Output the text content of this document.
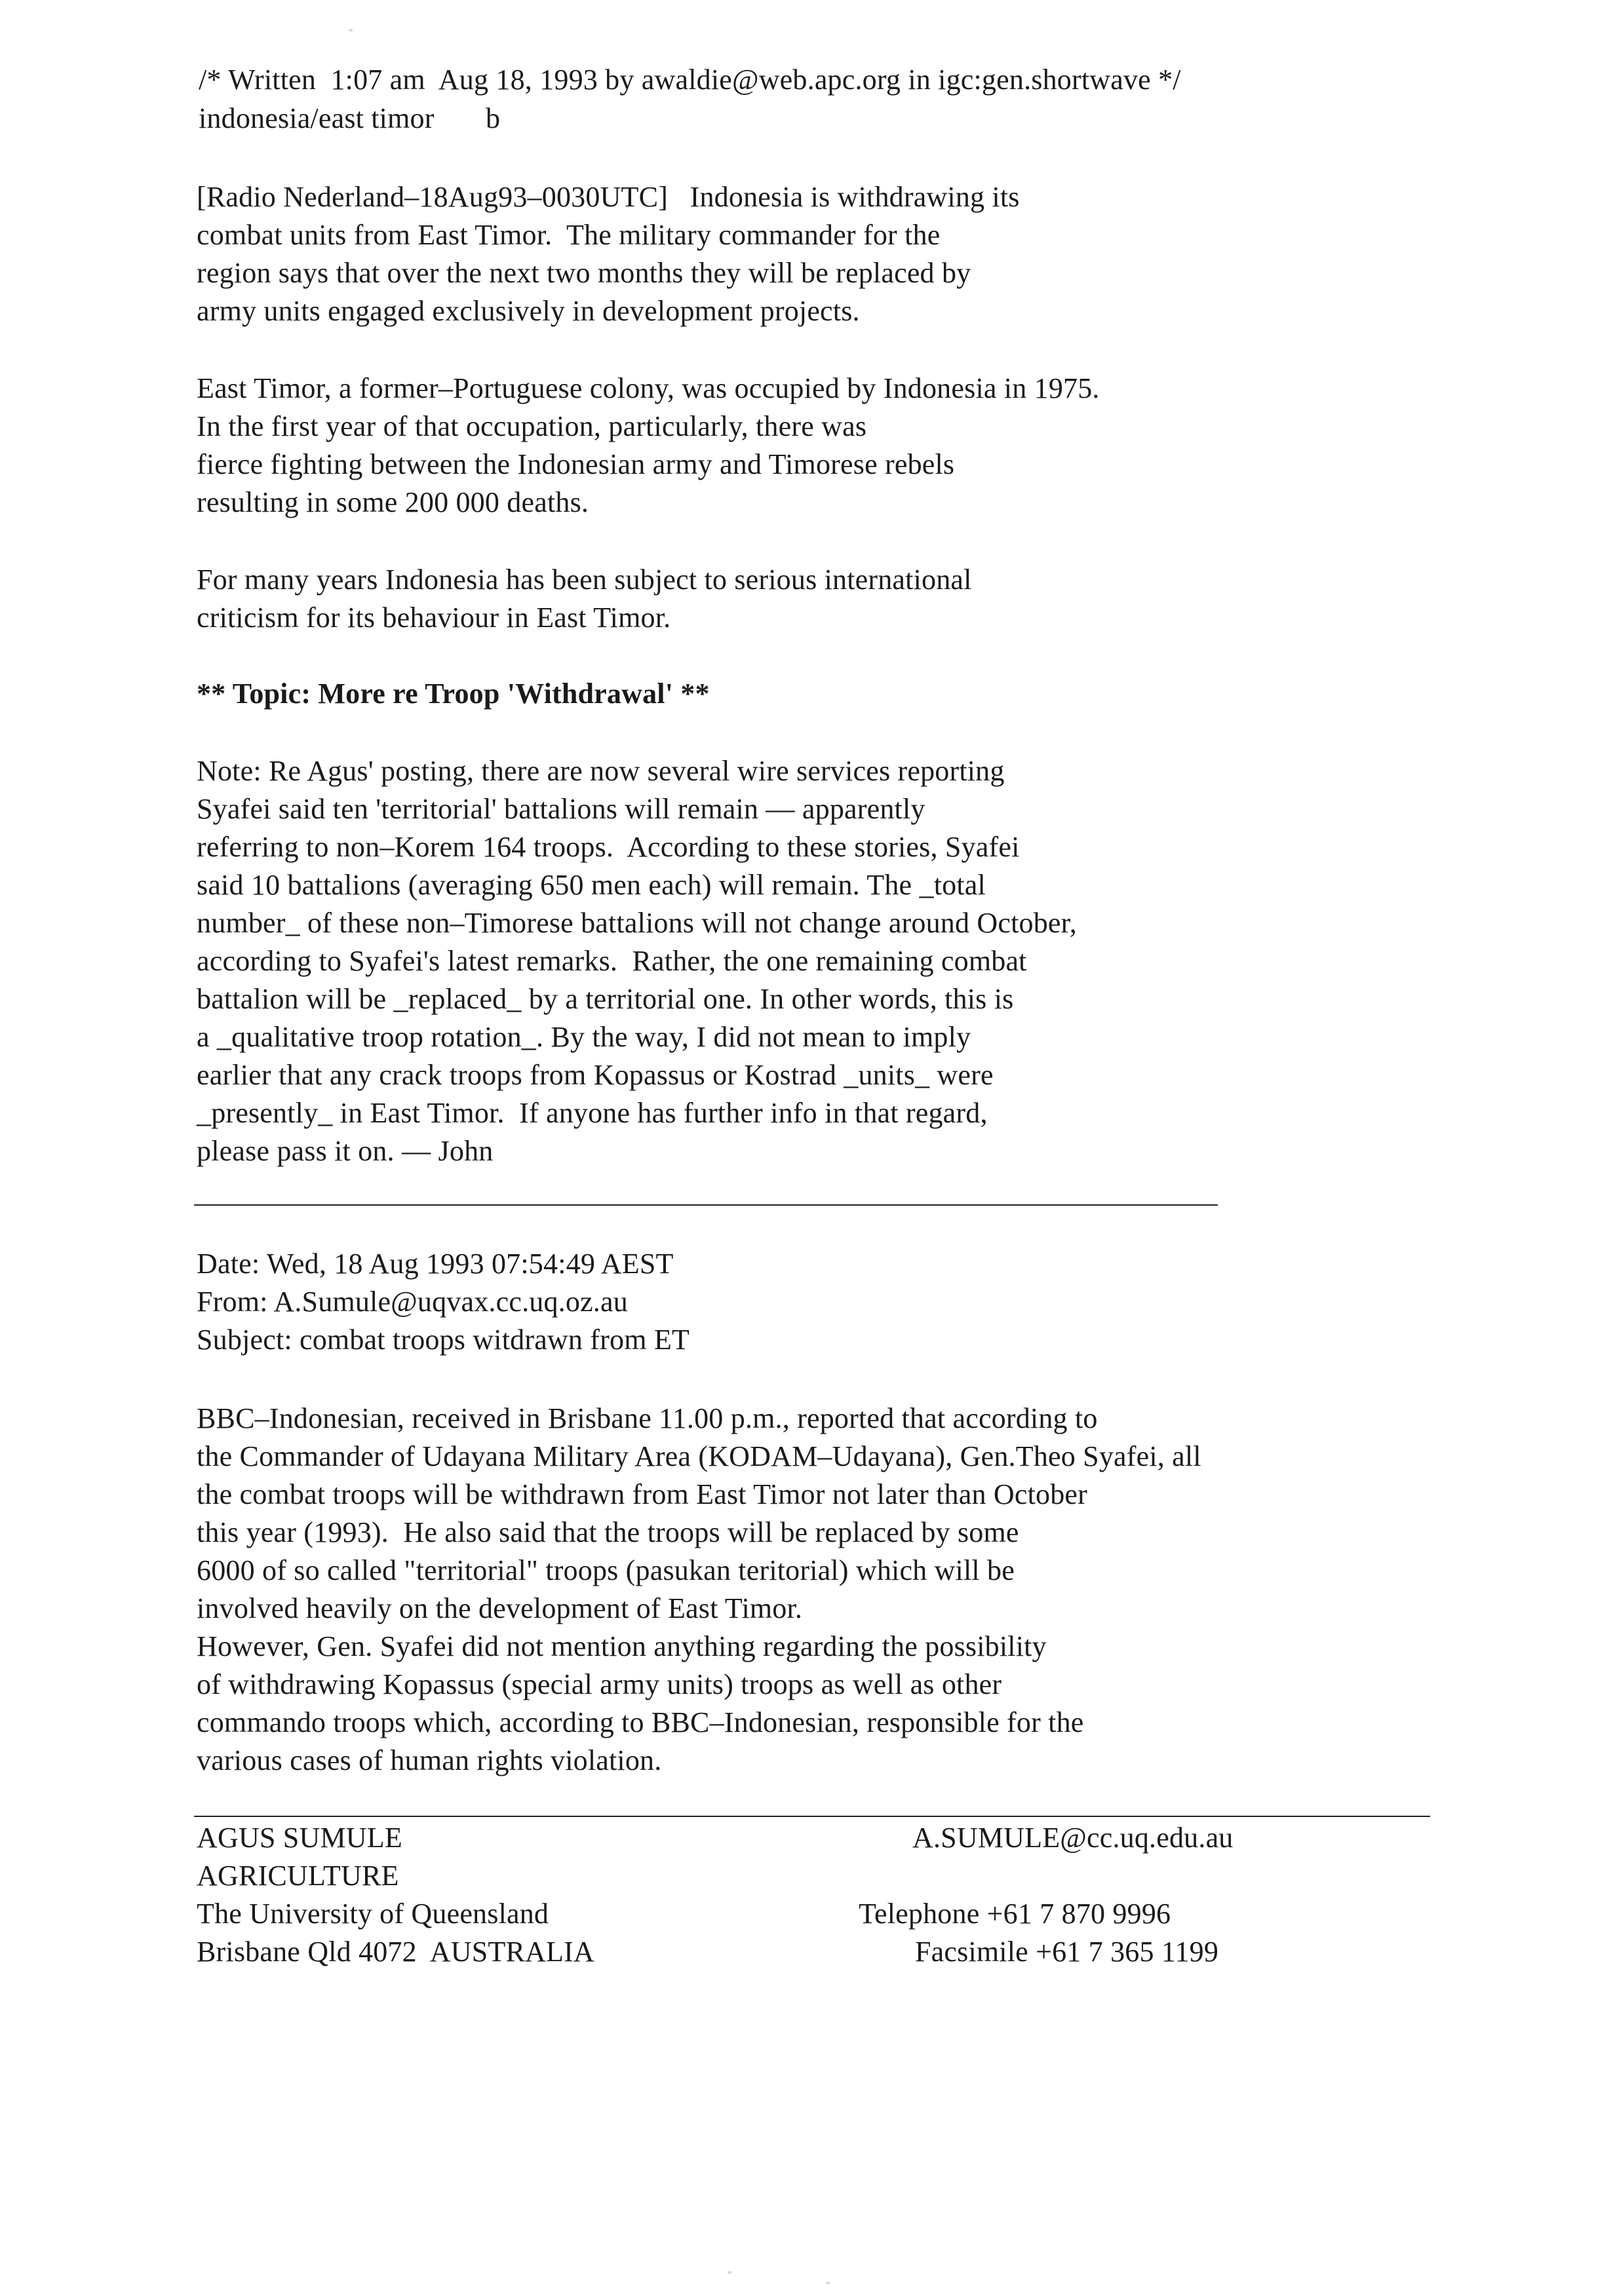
/* Written  1:07 am  Aug 18, 1993 by awaldie@web.apc.org in igc:gen.shortwave */
indonesia/east timor       b
[Radio Nederland–18Aug93–0030UTC]   Indonesia is withdrawing its
combat units from East Timor.  The military commander for the
region says that over the next two months they will be replaced by
army units engaged exclusively in development projects.
East Timor, a former–Portuguese colony, was occupied by Indonesia in 1975.
In the first year of that occupation, particularly, there was
fierce fighting between the Indonesian army and Timorese rebels
resulting in some 200 000 deaths.
For many years Indonesia has been subject to serious international
criticism for its behaviour in East Timor.
** Topic: More re Troop 'Withdrawal' **
Note: Re Agus' posting, there are now several wire services reporting
Syafei said ten 'territorial' battalions will remain –– apparently
referring to non–Korem 164 troops.  According to these stories, Syafei
said 10 battalions (averaging 650 men each) will remain. The _total
number_ of these non–Timorese battalions will not change around October,
according to Syafei's latest remarks.  Rather, the one remaining combat
battalion will be _replaced_ by a territorial one. In other words, this is
a _qualitative troop rotation_. By the way, I did not mean to imply
earlier that any crack troops from Kopassus or Kostrad _units_ were
_presently_ in East Timor.  If anyone has further info in that regard,
please pass it on. –– John
Date: Wed, 18 Aug 1993 07:54:49 AEST
From: A.Sumule@uqvax.cc.uq.oz.au
Subject: combat troops witdrawn from ET
BBC–Indonesian, received in Brisbane 11.00 p.m., reported that according to
the Commander of Udayana Military Area (KODAM–Udayana), Gen.Theo Syafei, all
the combat troops will be withdrawn from East Timor not later than October
this year (1993).  He also said that the troops will be replaced by some
6000 of so called "territorial" troops (pasukan teritorial) which will be
involved heavily on the development of East Timor.
However, Gen. Syafei did not mention anything regarding the possibility
of withdrawing Kopassus (special army units) troops as well as other
commando troops which, according to BBC–Indonesian, responsible for the
various cases of human rights violation.
AGUS SUMULE
AGRICULTURE
The University of Queensland
Brisbane Qld 4072  AUSTRALIA
A.SUMULE@cc.uq.edu.au
Telephone +61 7 870 9996
Facsimile +61 7 365 1199
